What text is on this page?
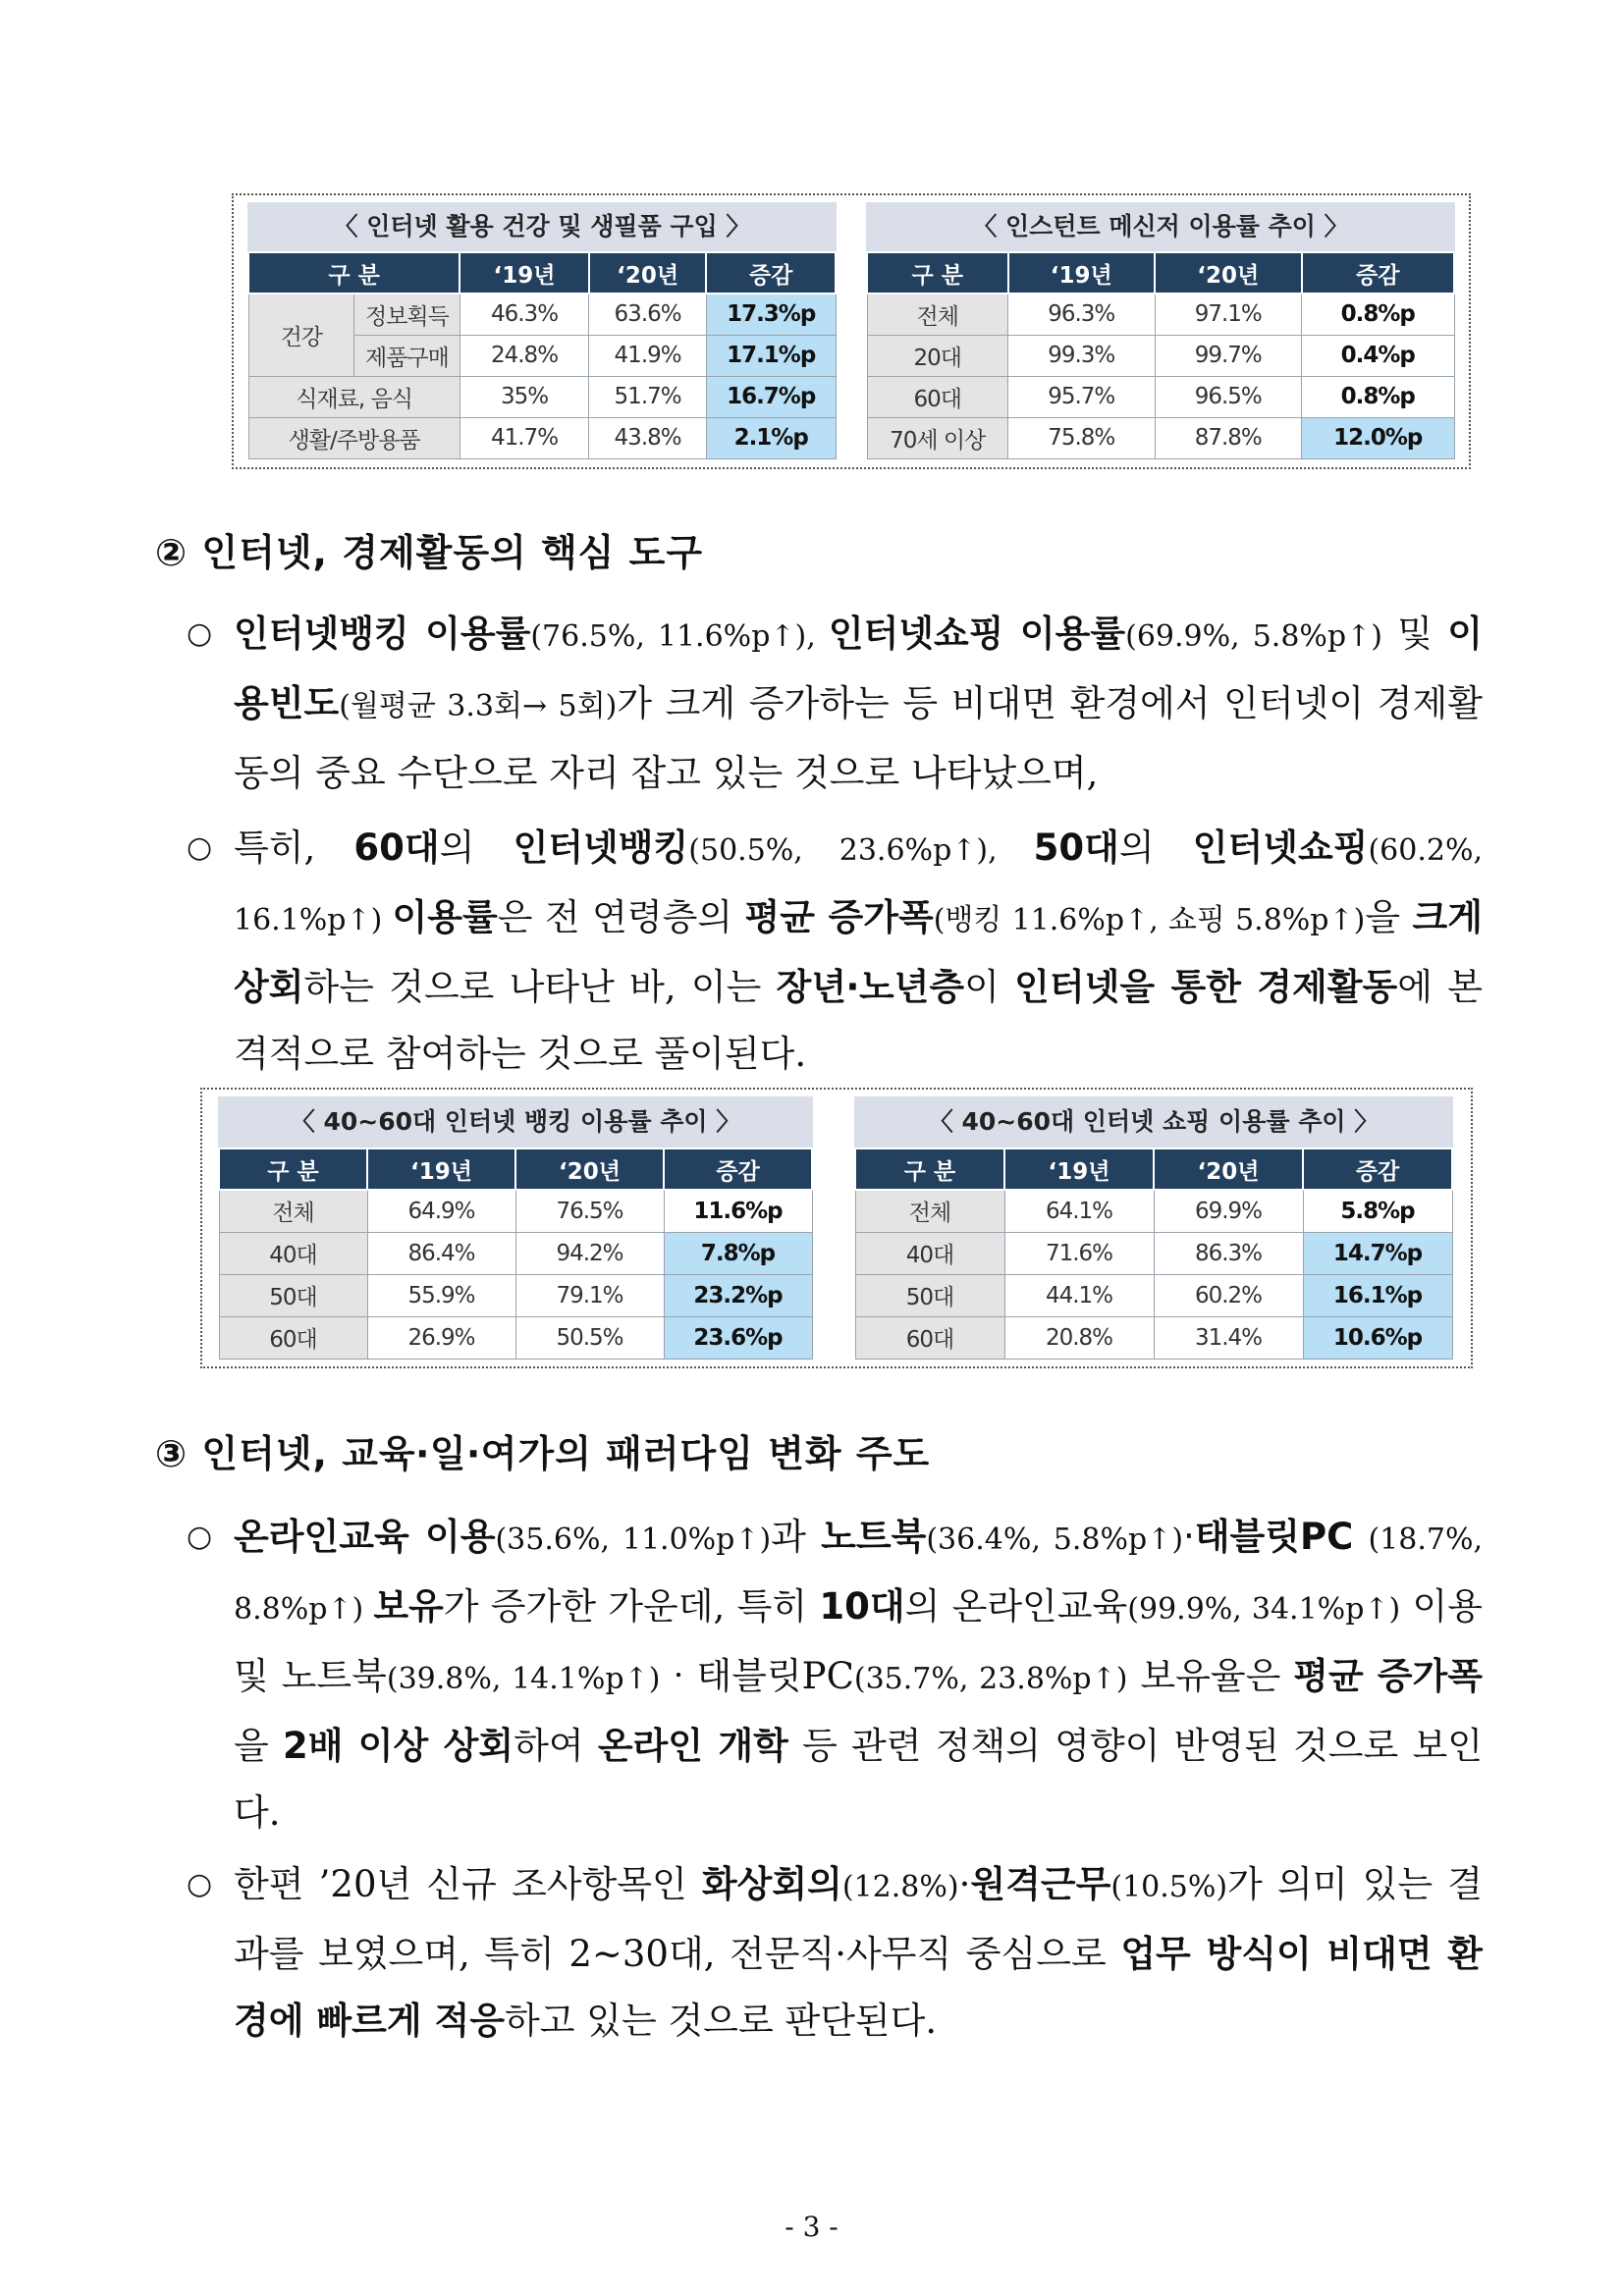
〈 인터넷 활용 건강 및 생필품 구입 〉
구 분		‘19년	‘20년	증감
건강	정보획득	46.3%	63.6%	17.3%p
	제품구매	24.8%	41.9%	17.1%p
식재료, 음식		35%	51.7%	16.7%p
생활/주방용품		41.7%	43.8%	2.1%p
〈 인스턴트 메신저 이용률 추이 〉
구 분	‘19년	‘20년	증감
전체	96.3%	97.1%	0.8%p
20대	99.3%	99.7%	0.4%p
60대	95.7%	96.5%	0.8%p
70세 이상	75.8%	87.8%	12.0%p
② 인터넷, 경제활동의 핵심 도구
○ 인터넷뱅킹 이용률(76.5%, 11.6%p↑), 인터넷쇼핑 이용률(69.9%, 5.8%p↑) 및 이용빈도(월평균 3.3회→ 5회)가 크게 증가하는 등 비대면 환경에서 인터넷이 경제활동의 중요 수단으로 자리 잡고 있는 것으로 나타났으며,
○ 특히, 60대의 인터넷뱅킹(50.5%, 23.6%p↑), 50대의 인터넷쇼핑(60.2%, 16.1%p↑) 이용률은 전 연령층의 평균 증가폭(뱅킹 11.6%p↑, 쇼핑 5.8%p↑)을 크게 상회하는 것으로 나타난 바, 이는 장년‧노년층이 인터넷을 통한 경제활동에 본격적으로 참여하는 것으로 풀이된다.
〈 40~60대 인터넷 뱅킹 이용률 추이 〉
구 분	‘19년	‘20년	증감
전체	64.9%	76.5%	11.6%p
40대	86.4%	94.2%	7.8%p
50대	55.9%	79.1%	23.2%p
60대	26.9%	50.5%	23.6%p
〈 40~60대 인터넷 쇼핑 이용률 추이 〉
구 분	‘19년	‘20년	증감
전체	64.1%	69.9%	5.8%p
40대	71.6%	86.3%	14.7%p
50대	44.1%	60.2%	16.1%p
60대	20.8%	31.4%	10.6%p
③ 인터넷, 교육‧일‧여가의 패러다임 변화 주도
○ 온라인교육 이용(35.6%, 11.0%p↑)과 노트북(36.4%, 5.8%p↑)‧태블릿PC (18.7%, 8.8%p↑) 보유가 증가한 가운데, 특히 10대의 온라인교육(99.9%, 34.1%p↑) 이용 및 노트북(39.8%, 14.1%p↑)‧태블릿PC(35.7%, 23.8%p↑) 보유율은 평균 증가폭을 2배 이상 상회하여 온라인 개학 등 관련 정책의 영향이 반영된 것으로 보인다.
○ 한편 ’20년 신규 조사항목인 화상회의(12.8%)·원격근무(10.5%)가 의미 있는 결과를 보였으며, 특히 2~30대, 전문직·사무직 중심으로 업무 방식이 비대면 환경에 빠르게 적응하고 있는 것으로 판단된다.
- 3 -
